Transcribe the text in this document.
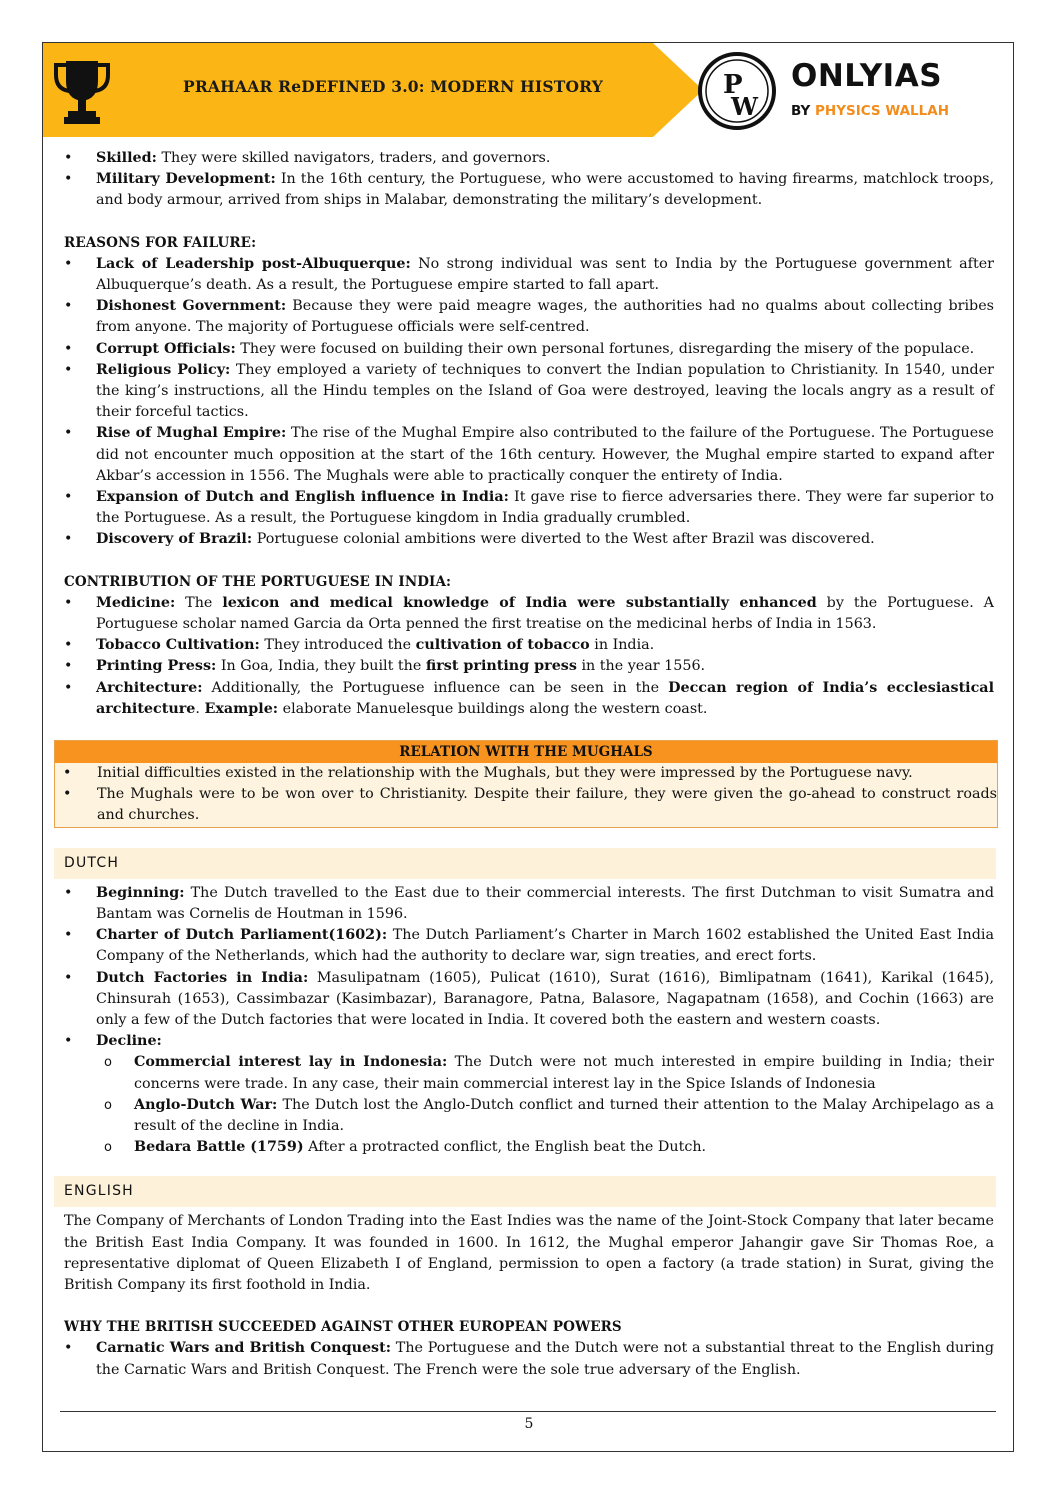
PRAHAAR ReDEFINED 3.0: MODERN HISTORY	P
W
ONLYIAS
BY PHYSICS WALLAH
• Skilled: They were skilled navigators, traders, and governors.
• Military Development: In the 16th century, the Portuguese, who were accustomed to having firearms, matchlock troops, and body armour, arrived from ships in Malabar, demonstrating the military’s development.
REASONS FOR FAILURE:
• Lack of Leadership post-Albuquerque: No strong individual was sent to India by the Portuguese government after Albuquerque’s death. As a result, the Portuguese empire started to fall apart.
• Dishonest Government: Because they were paid meagre wages, the authorities had no qualms about collecting bribes from anyone. The majority of Portuguese officials were self-centred.
• Corrupt Officials: They were focused on building their own personal fortunes, disregarding the misery of the populace.
• Religious Policy: They employed a variety of techniques to convert the Indian population to Christianity. In 1540, under the king’s instructions, all the Hindu temples on the Island of Goa were destroyed, leaving the locals angry as a result of their forceful tactics.
• Rise of Mughal Empire: The rise of the Mughal Empire also contributed to the failure of the Portuguese. The Portuguese did not encounter much opposition at the start of the 16th century. However, the Mughal empire started to expand after Akbar’s accession in 1556. The Mughals were able to practically conquer the entirety of India.
• Expansion of Dutch and English influence in India: It gave rise to fierce adversaries there. They were far superior to the Portuguese. As a result, the Portuguese kingdom in India gradually crumbled.
• Discovery of Brazil: Portuguese colonial ambitions were diverted to the West after Brazil was discovered.
CONTRIBUTION OF THE PORTUGUESE IN INDIA:
• Medicine: The lexicon and medical knowledge of India were substantially enhanced by the Portuguese. A Portuguese scholar named Garcia da Orta penned the first treatise on the medicinal herbs of India in 1563.
• Tobacco Cultivation: They introduced the cultivation of tobacco in India.
• Printing Press: In Goa, India, they built the first printing press in the year 1556.
• Architecture: Additionally, the Portuguese influence can be seen in the Deccan region of India’s ecclesiastical architecture. Example: elaborate Manuelesque buildings along the western coast.
RELATION WITH THE MUGHALS
• Initial difficulties existed in the relationship with the Mughals, but they were impressed by the Portuguese navy.
• The Mughals were to be won over to Christianity. Despite their failure, they were given the go-ahead to construct roads and churches.
DUTCH
• Beginning: The Dutch travelled to the East due to their commercial interests. The first Dutchman to visit Sumatra and Bantam was Cornelis de Houtman in 1596.
• Charter of Dutch Parliament(1602): The Dutch Parliament’s Charter in March 1602 established the United East India Company of the Netherlands, which had the authority to declare war, sign treaties, and erect forts.
• Dutch Factories in India: Masulipatnam (1605), Pulicat (1610), Surat (1616), Bimlipatnam (1641), Karikal (1645), Chinsurah (1653), Cassimbazar (Kasimbazar), Baranagore, Patna, Balasore, Nagapatnam (1658), and Cochin (1663) are only a few of the Dutch factories that were located in India. It covered both the eastern and western coasts.
• Decline:
o Commercial interest lay in Indonesia: The Dutch were not much interested in empire building in India; their concerns were trade. In any case, their main commercial interest lay in the Spice Islands of Indonesia
o Anglo-Dutch War: The Dutch lost the Anglo-Dutch conflict and turned their attention to the Malay Archipelago as a result of the decline in India.
o Bedara Battle (1759) After a protracted conflict, the English beat the Dutch.
ENGLISH

The Company of Merchants of London Trading into the East Indies was the name of the Joint-Stock Company that later became the British East India Company. It was founded in 1600. In 1612, the Mughal emperor Jahangir gave Sir Thomas Roe, a representative diplomat of Queen Elizabeth I of England, permission to open a factory (a trade station) in Surat, giving the British Company its first foothold in India.

WHY THE BRITISH SUCCEEDED AGAINST OTHER EUROPEAN POWERS
• Carnatic Wars and British Conquest: The Portuguese and the Dutch were not a substantial threat to the English during the Carnatic Wars and British Conquest. The French were the sole true adversary of the English.
5
